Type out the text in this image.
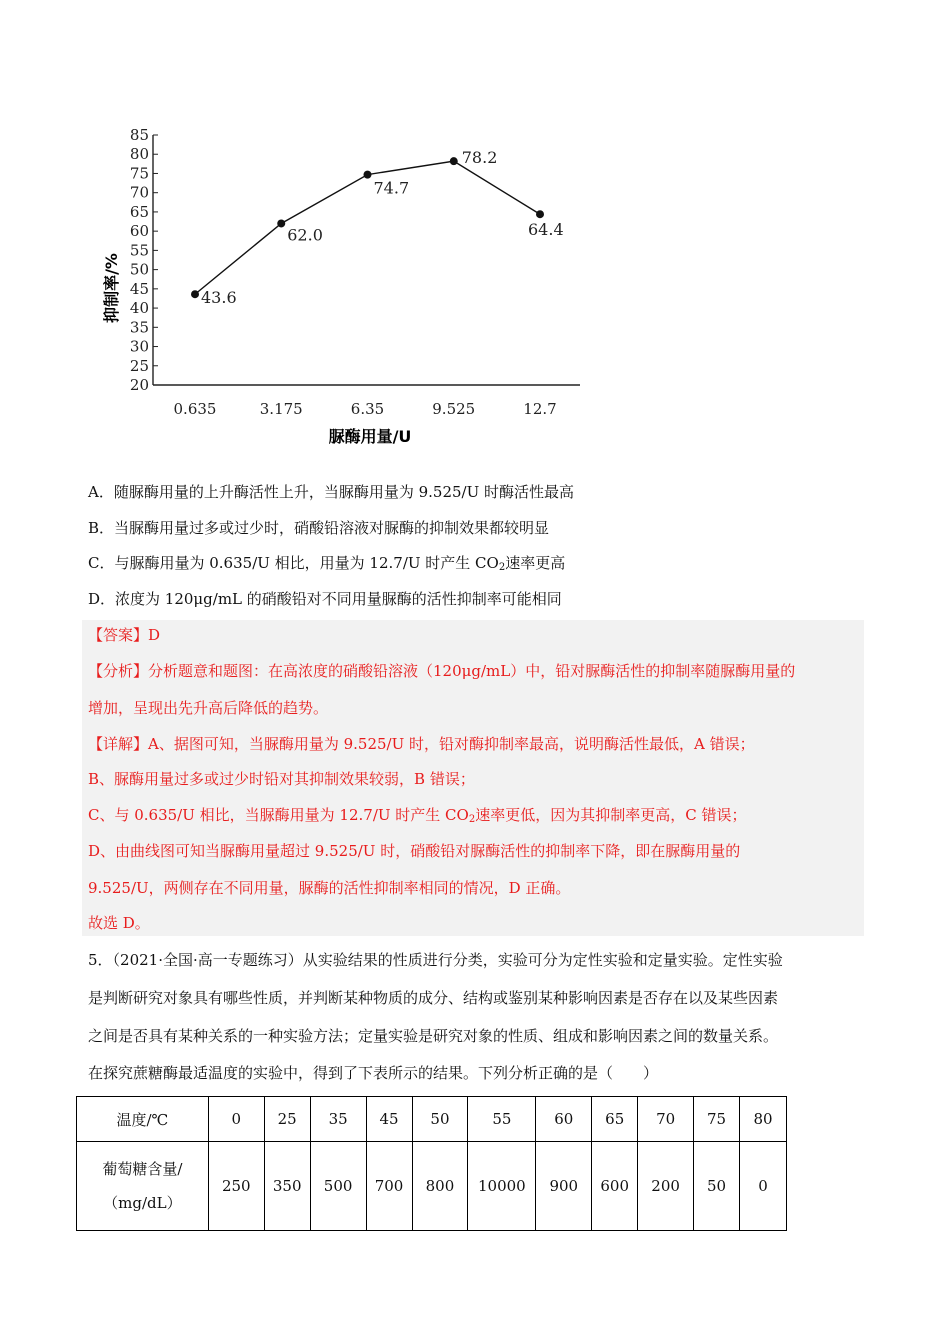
20
25
30
35
40
45
50
55
60
65
70
75
80
85
0.635	3.175	6.35	9.525	12.7
43.6
62.0
74.7
78.2
64.4
抑制率/%
脲酶用量/U
A．随脲酶用量的上升酶活性上升，当脲酶用量为 9.525/U 时酶活性最高
B．当脲酶用量过多或过少时，硝酸铅溶液对脲酶的抑制效果都较明显
C．与脲酶用量为 0.635/U 相比，用量为 12.7/U 时产生 $CO_2$速率更高
D．浓度为 120μg/mL 的硝酸铅对不同用量脲酶的活性抑制率可能相同
【答案】D
【分析】分析题意和题图：在高浓度的硝酸铅溶液（120μg/mL）中，铅对脲酶活性的抑制率随脲酶用量的
增加，呈现出先升高后降低的趋势。
【详解】A、据图可知，当脲酶用量为 9.525/U 时，铅对酶抑制率最高，说明酶活性最低，A 错误；
B、脲酶用量过多或过少时铅对其抑制效果较弱，B 错误；
C、与 0.635/U 相比，当脲酶用量为 12.7/U 时产生 $CO_2$速率更低，因为其抑制率更高，C 错误；
D、由曲线图可知当脲酶用量超过 9.525/U 时，硝酸铅对脲酶活性的抑制率下降，即在脲酶用量的
9.525/U，两侧存在不同用量，脲酶的活性抑制率相同的情况，D 正确。
故选 D。
5．（2021·全国·高一专题练习）从实验结果的性质进行分类，实验可分为定性实验和定量实验。定性实验
是判断研究对象具有哪些性质，并判断某种物质的成分、结构或鉴别某种影响因素是否存在以及某些因素
之间是否具有某种关系的一种实验方法；定量实验是研究对象的性质、组成和影响因素之间的数量关系。
在探究蔗糖酶最适温度的实验中，得到了下表所示的结果。下列分析正确的是（　　）
温度/℃	0	25	35	45	50	55	60	65	70	75	80

葡萄糖含量/
（mg/dL）	250	350	500	700	800	10000	900	600	200	50	0
